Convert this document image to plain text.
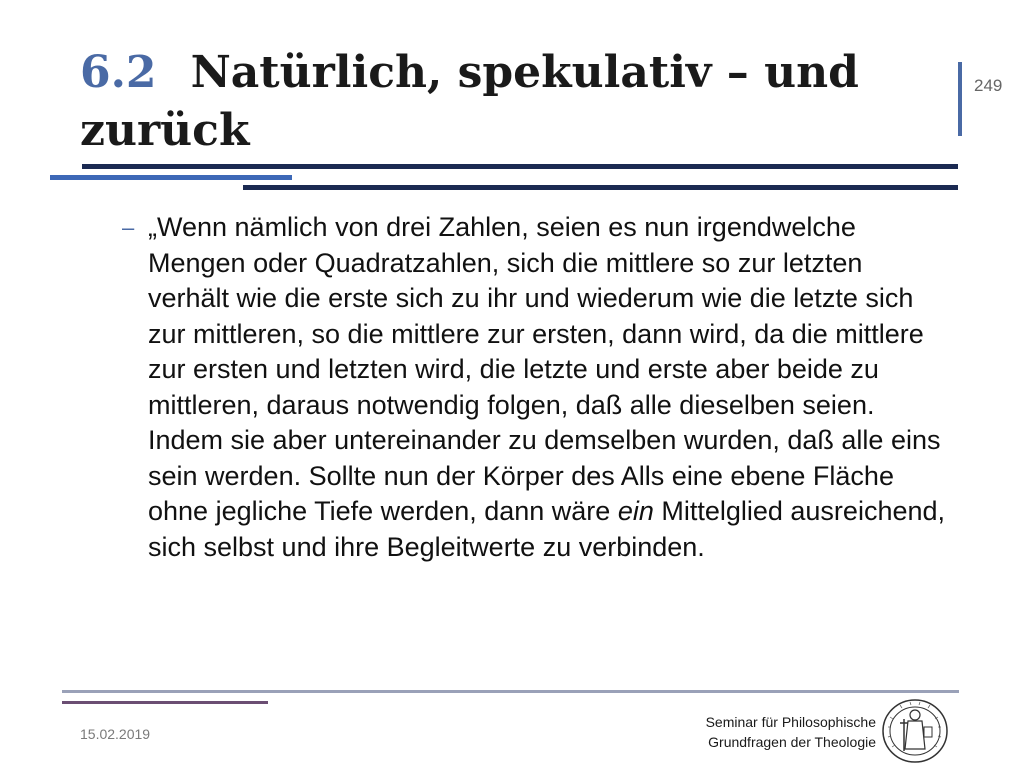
6.2 Natürlich, spekulativ – und zurück
249
– „Wenn nämlich von drei Zahlen, seien es nun irgendwelche Mengen oder Quadratzahlen, sich die mittlere so zur letzten verhält wie die erste sich zu ihr und wiederum wie die letzte sich zur mittleren, so die mittlere zur ersten, dann wird, da die mittlere zur ersten und letzten wird, die letzte und erste aber beide zu mittleren, daraus notwendig folgen, daß alle dieselben seien. Indem sie aber untereinander zu demselben wurden, daß alle eins sein werden. Sollte nun der Körper des Alls eine ebene Fläche ohne jegliche Tiefe werden, dann wäre ein Mittelglied ausreichend, sich selbst und ihre Begleitwerte zu verbinden.

15.02.2019
Seminar für Philosophische
Grundfragen der Theologie
